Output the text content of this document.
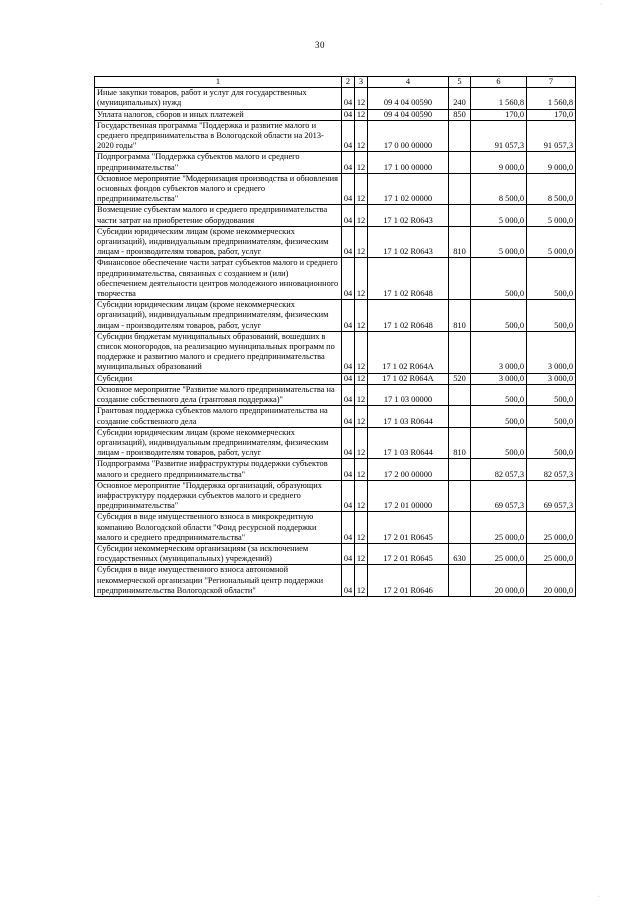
·
30
1	2	3	4	5	6	7
Иные закупки товаров, работ и услуг для государственных (муниципальных) нужд	04	12	09 4 04 00590	240	1 560,8	1 560,8
Уплата налогов, сборов и иных платежей	04	12	09 4 04 00590	850	170,0	170,0
Государственная программа "Поддержка и развитие малого и среднего предпринимательства в Вологодской области на 2013-2020 годы"	04	12	17 0 00 00000		91 057,3	91 057,3
Подпрограмма "Поддержка субъектов малого и среднего предпринимательства"	04	12	17 1 00 00000		9 000,0	9 000,0
Основное мероприятие "Модернизация производства и обновления основных фондов субъектов малого и среднего предпринимательства"	04	12	17 1 02 00000		8 500,0	8 500,0
Возмещение субъектам малого и среднего предпринимательства части затрат на приобретение оборудования	04	12	17 1 02 R0643		5 000,0	5 000,0
Субсидии юридическим лицам (кроме некоммерческих организаций), индивидуальным предпринимателям, физическим лицам - производителям товаров, работ, услуг	04	12	17 1 02 R0643	810	5 000,0	5 000,0
Финансовое обеспечение части затрат субъектов малого и среднего предпринимательства, связанных с созданием и (или) обеспечением деятельности центров молодежного инновационного творчества	04	12	17 1 02 R0648		500,0	500,0
Субсидии юридическим лицам (кроме некоммерческих организаций), индивидуальным предпринимателям, физическим лицам - производителям товаров, работ, услуг	04	12	17 1 02 R0648	810	500,0	500,0
Субсидии бюджетам муниципальных образований, вошедших в список моногородов, на реализацию муниципальных программ по поддержке и развитию малого и среднего предпринимательства муниципальных образований	04	12	17 1 02 R064A		3 000,0	3 000,0
Субсидии	04	12	17 1 02 R064A	520	3 000,0	3 000,0
Основное мероприятие "Развитие малого предпринимательства на создание собственного дела (грантовая поддержка)"	04	12	17 1 03 00000		500,0	500,0
Грантовая поддержка субъектов малого предпринимательства на создание собственного дела	04	12	17 1 03 R0644		500,0	500,0
Субсидии юридическим лицам (кроме некоммерческих организаций), индивидуальным предпринимателям, физическим лицам - производителям товаров, работ, услуг	04	12	17 1 03 R0644	810	500,0	500,0
Подпрограмма "Развитие инфраструктуры поддержки субъектов малого и среднего предпринимательства"	04	12	17 2 00 00000		82 057,3	82 057,3
Основное мероприятие "Поддержка организаций, образующих инфраструктуру поддержки субъектов малого и среднего предпринимательства"	04	12	17 2 01 00000		69 057,3	69 057,3
Субсидия в виде имущественного взноса в микрокредитную компанию Вологодской области "Фонд ресурсной поддержки малого и среднего предпринимательства"	04	12	17 2 01 R0645		25 000,0	25 000,0
Субсидии некоммерческим организациям (за исключением государственных (муниципальных) учреждений)	04	12	17 2 01 R0645	630	25 000,0	25 000,0
Субсидия в виде имущественного взноса автономной некоммерческой организации "Региональный центр поддержки предпринимательства Вологодской области"	04	12	17 2 01 R0646		20 000,0	20 000,0
·
